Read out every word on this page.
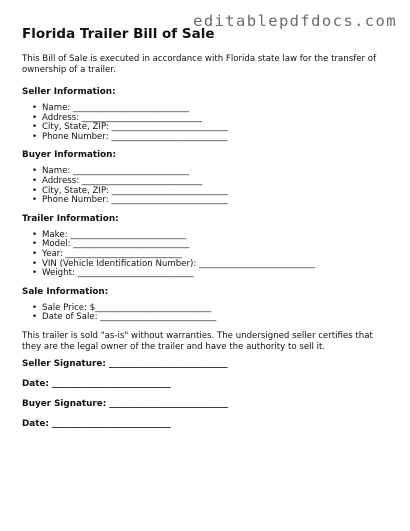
editablepdfdocs.com
Florida Trailer Bill of Sale

This Bill of Sale is executed in accordance with Florida state law for the transfer of ownership of a trailer.

Seller Information:
• Name: ___________________________
• Address: ____________________________
• City, State, ZIP: ___________________________
• Phone Number: ___________________________
Buyer Information:
• Name: ___________________________
• Address: ____________________________
• City, State, ZIP: ___________________________
• Phone Number: ___________________________
Trailer Information:
• Make: ___________________________
• Model: ___________________________
• Year: ___________________________
• VIN (Vehicle Identification Number): ___________________________
• Weight: ___________________________
Sale Information:
• Sale Price: $___________________________
• Date of Sale: ___________________________

This trailer is sold "as-is" without warranties. The undersigned seller certifies that they are the legal owner of the trailer and have the authority to sell it.

Seller Signature: ___________________________
Date: ___________________________
Buyer Signature: ___________________________
Date: ___________________________
